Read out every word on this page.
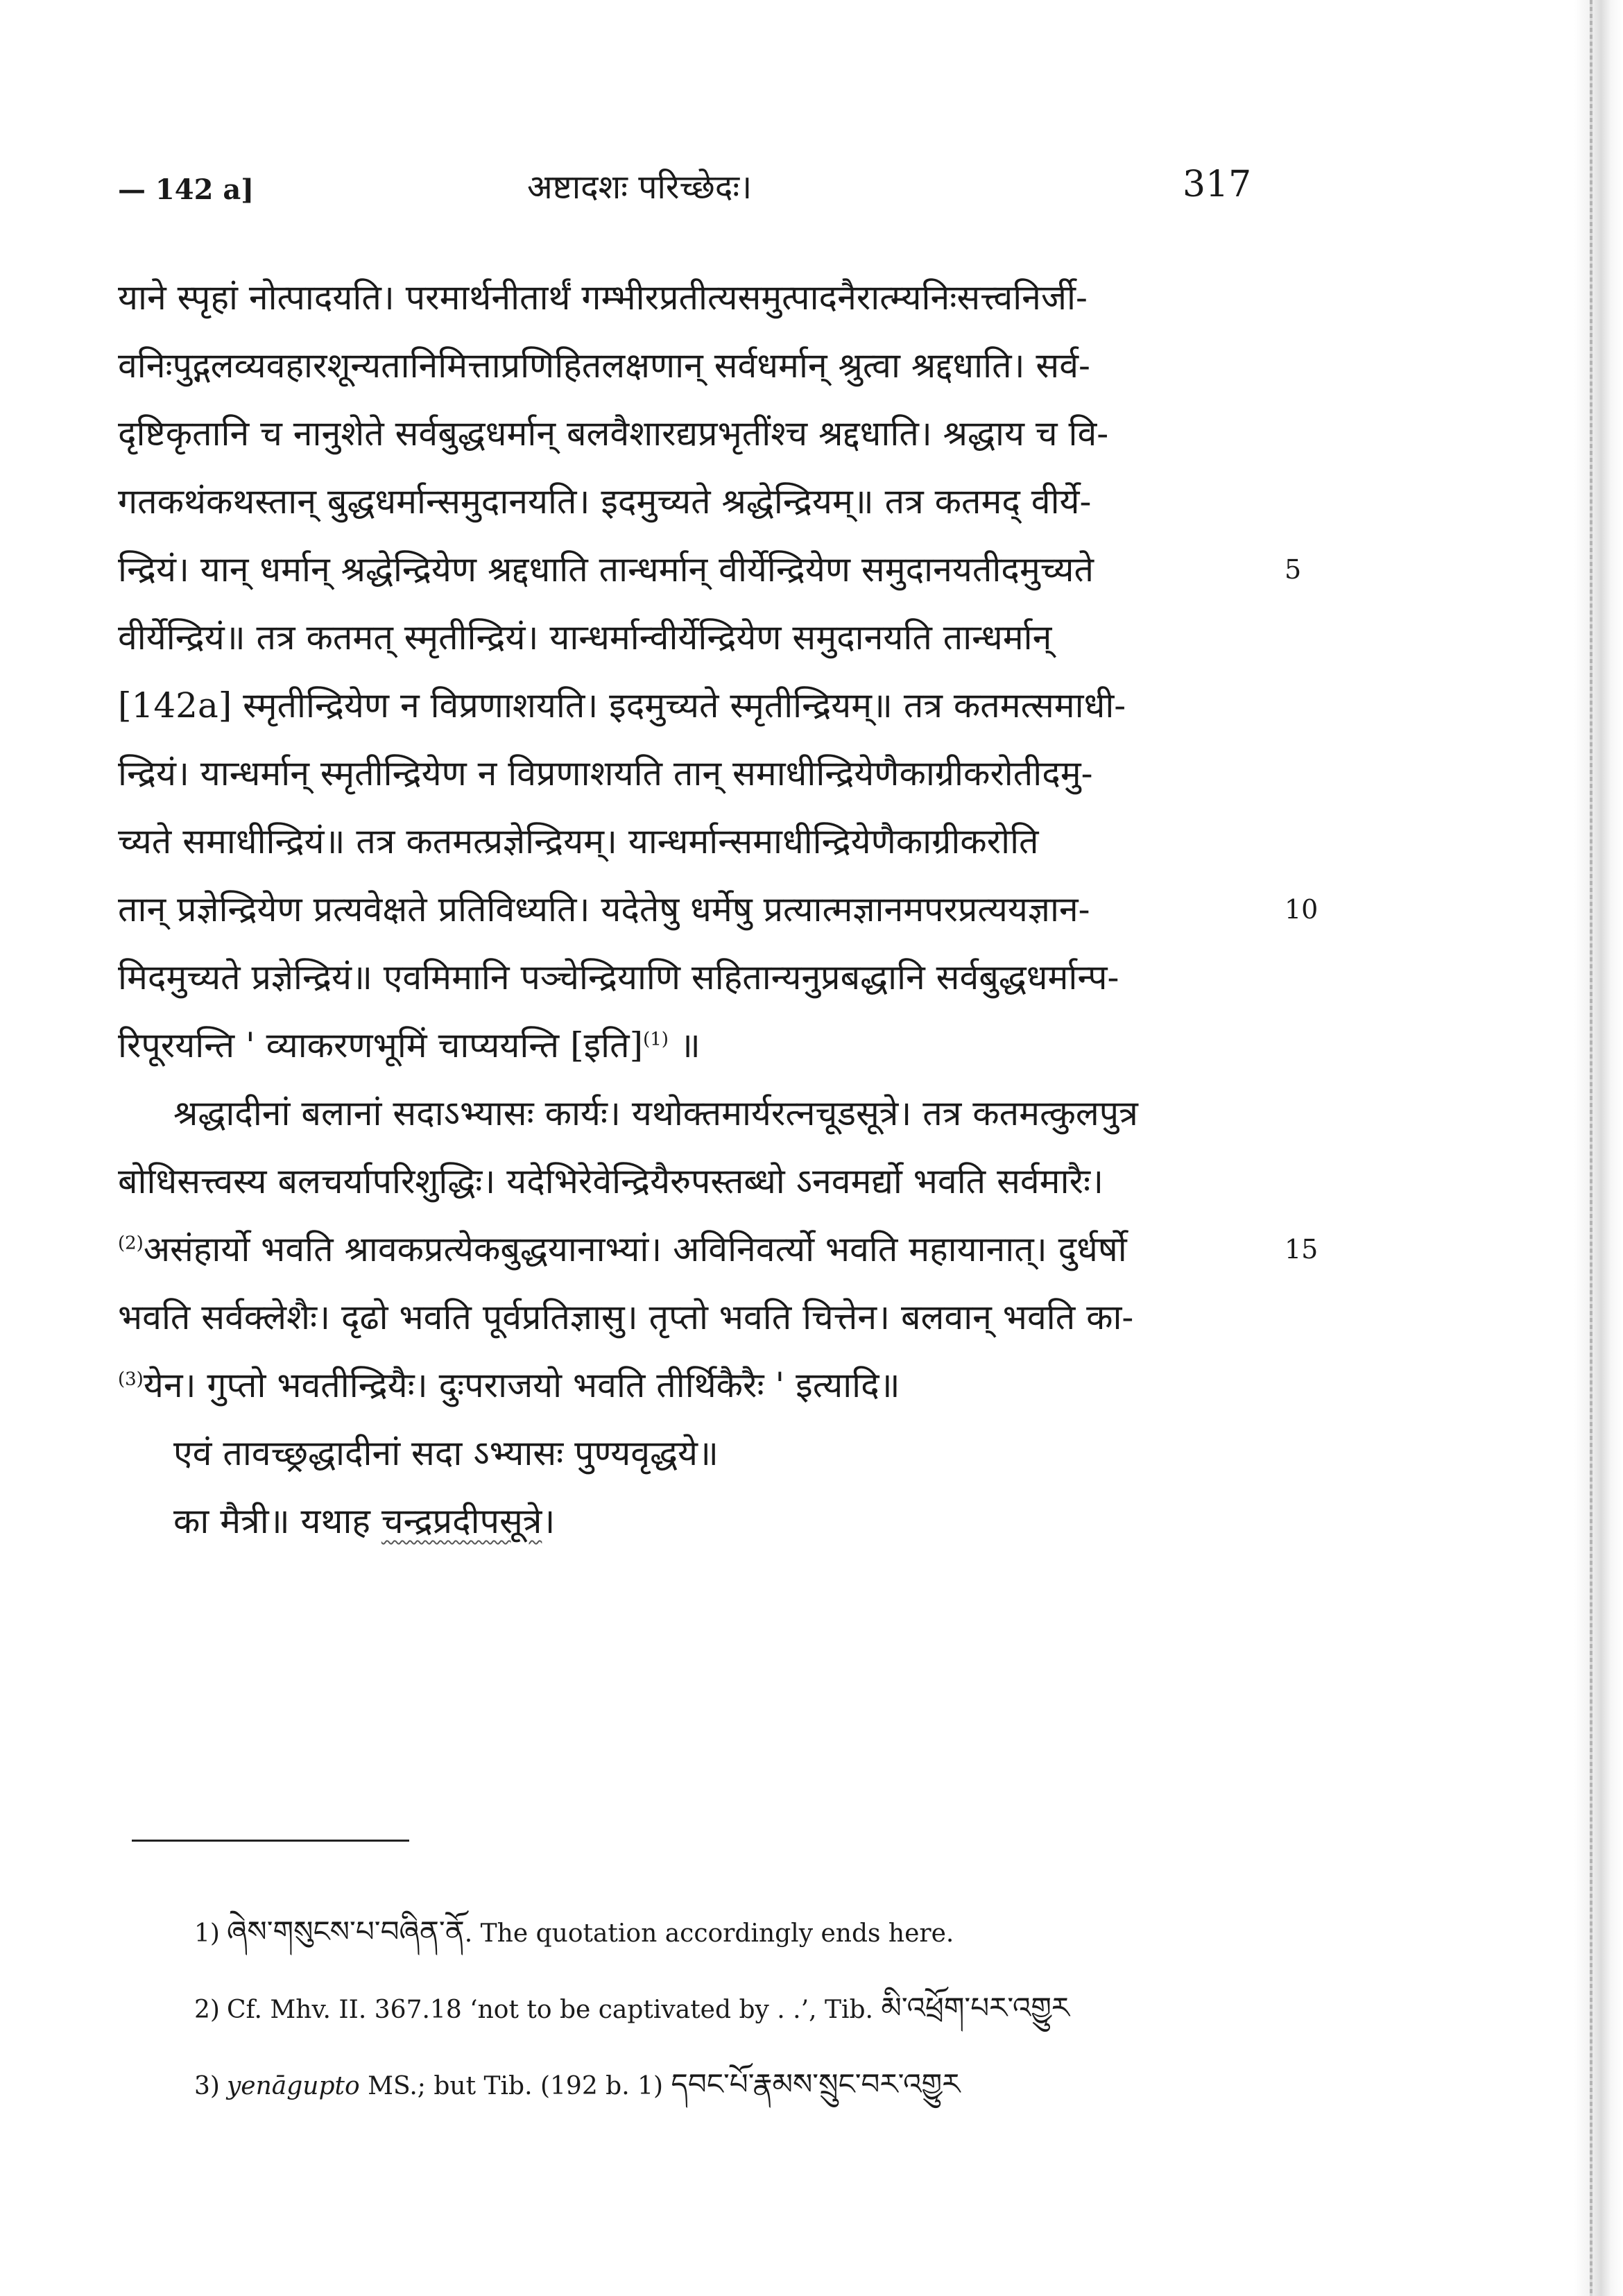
— 142 a]	अष्टादशः परिच्छेदः।	317
याने स्पृहां नोत्पादयति। परमार्थनीतार्थं गम्भीरप्रतीत्यसमुत्पादनैरात्म्यनिःसत्त्वनिर्जी-
वनिःपुद्गलव्यवहारशून्यतानिमित्ताप्रणिहितलक्षणान् सर्वधर्मान् श्रुत्वा श्रद्दधाति। सर्व-
दृष्टिकृतानि च नानुशेते सर्वबुद्धधर्मान् बलवैशारद्यप्रभृतींश्च श्रद्दधाति। श्रद्धाय च वि-
गतकथंकथस्तान् बुद्धधर्मान्समुदानयति। इदमुच्यते श्रद्धेन्द्रियम्॥ तत्र कतमद् वीर्ये-
न्द्रियं। यान् धर्मान् श्रद्धेन्द्रियेण श्रद्दधाति तान्धर्मान् वीर्येन्द्रियेण समुदानयतीदमुच्यते	5
वीर्येन्द्रियं॥ तत्र कतमत् स्मृतीन्द्रियं। यान्धर्मान्वीर्येन्द्रियेण समुदानयति तान्धर्मान्
[142a] स्मृतीन्द्रियेण न विप्रणाशयति। इदमुच्यते स्मृतीन्द्रियम्॥ तत्र कतमत्समाधी-
न्द्रियं। यान्धर्मान् स्मृतीन्द्रियेण न विप्रणाशयति तान् समाधीन्द्रियेणैकाग्रीकरोतीदमु-
च्यते समाधीन्द्रियं॥ तत्र कतमत्प्रज्ञेन्द्रियम्। यान्धर्मान्समाधीन्द्रियेणैकाग्रीकरोति
तान् प्रज्ञेन्द्रियेण प्रत्यवेक्षते प्रतिविध्यति। यदेतेषु धर्मेषु प्रत्यात्मज्ञानमपरप्रत्ययज्ञान-	10
मिदमुच्यते प्रज्ञेन्द्रियं॥ एवमिमानि पञ्चेन्द्रियाणि सहितान्यनुप्रबद्धानि सर्वबुद्धधर्मान्प-
रिपूरयन्ति ' व्याकरणभूमिं चाप्ययन्ति [इति]$^{(1)}$ ॥
श्रद्धादीनां बलानां सदाऽभ्यासः कार्यः। यथोक्तमार्यरत्नचूडसूत्रे। तत्र कतमत्कुलपुत्र
बोधिसत्त्वस्य बलचर्यापरिशुद्धिः। यदेभिरेवेन्द्रियैरुपस्तब्धो ऽनवमर्द्यो भवति सर्वमारैः।
$^{(2)}$असंहार्यो भवति श्रावकप्रत्येकबुद्धयानाभ्यां। अविनिवर्त्यो भवति महायानात्। दुर्धर्षो	15
भवति सर्वक्लेशैः। दृढो भवति पूर्वप्रतिज्ञासु। तृप्तो भवति चित्तेन। बलवान् भवति का-
$^{(3)}$येन। गुप्तो भवतीन्द्रियैः। दुःपराजयो भवति तीर्थिकैरैः ' इत्यादि॥
एवं तावच्छ्रद्धादीनां सदा ऽभ्यासः पुण्यवृद्धये॥
का मैत्री॥ यथाह चन्द्रप्रदीपसूत्रे।
1) ཞེས་གསུངས་པ་བཞིན་ནོ. The quotation accordingly ends here.
2) Cf. Mhv. II. 367.18 ‘not to be captivated by . .’, Tib. མི་འཕྲོག་པར་འགྱུར
3) yenāgupto MS.; but Tib. (192 b. 1) དབང་པོ་རྣམས་སྲུང་བར་འགྱུར
